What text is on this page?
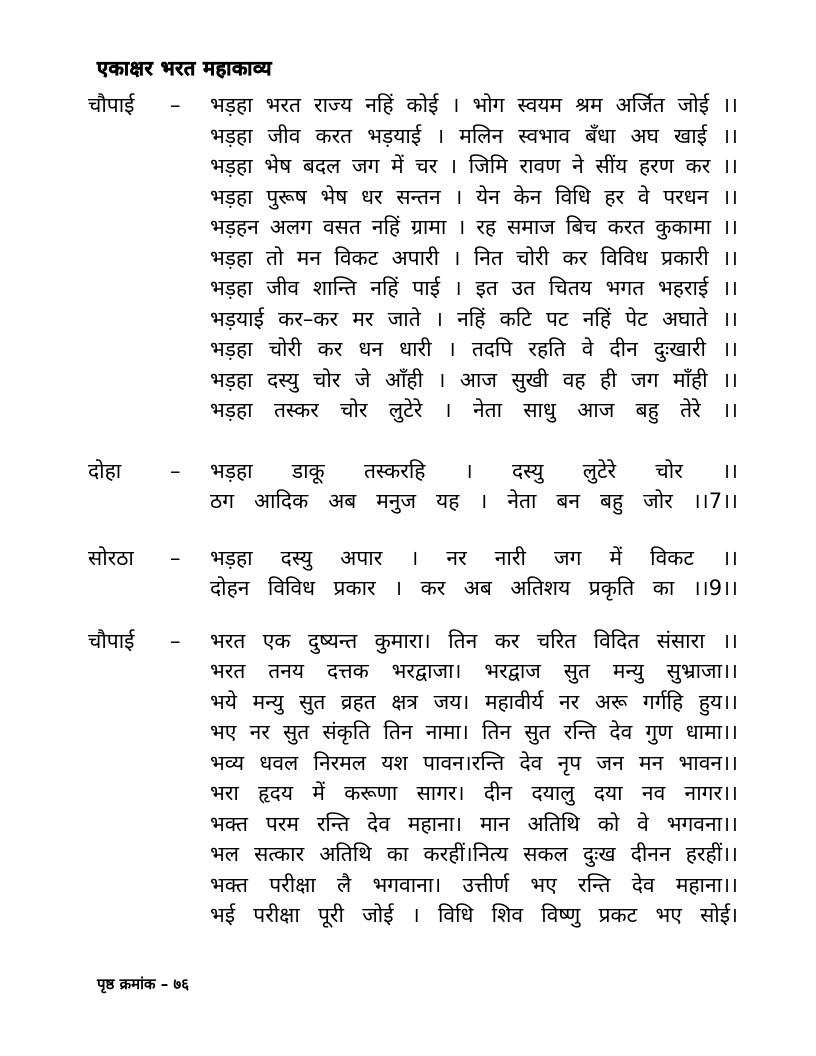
एकाक्षर भरत महाकाव्य
चौपाई	–	भड़हा भरत राज्य नहिं कोई । भोग स्वयम श्रम अर्जित जोई ।।
भड़हा जीव करत भड़याई । मलिन स्वभाव बँधा अघ खाई ।।
भड़हा भेष बदल जग में चर । जिमि रावण ने सींय हरण कर ।।
भड़हा पुरूष भेष धर सन्तन । येन केन विधि हर वे परधन ।।
भड़हन अलग वसत नहिं ग्रामा । रह समाज बिच करत कुकामा ।।
भड़हा तो मन विकट अपारी । नित चोरी कर विविध प्रकारी ।।
भड़हा जीव शान्ति नहिं पाई । इत उत चितय भगत भहराई ।।
भड़याई कर–कर मर जाते । नहिं कटि पट नहिं पेट अघाते ।।
भड़हा चोरी कर धन धारी । तदपि रहति वे दीन दुःखारी ।।
भड़हा दस्यु चोर जे आँही । आज सुखी वह ही जग माँही ।।
भड़हा तस्कर चोर लुटेरे । नेता साधु आज बहु तेरे ।।
दोहा	–	भड़हा डाकू तस्करहि । दस्यु लुटेरे चोर ।।
ठग आदिक अब मनुज यह । नेता बन बहु जोर ।।7।।
सोरठा	–	भड़हा दस्यु अपार । नर नारी जग में विकट ।।
दोहन विविध प्रकार । कर अब अतिशय प्रकृति का ।।9।।
चौपाई	–	भरत एक दुष्यन्त कुमारा। तिन कर चरित विदित संसारा ।।
भरत तनय दत्तक भरद्वाजा। भरद्वाज सुत मन्यु सुभ्राजा।।
भये मन्यु सुत व्रहत क्षत्र जय। महावीर्य नर अरू गर्गहि हुय।।
भए नर सुत संकृति तिन नामा। तिन सुत रन्ति देव गुण धामा।।
भव्य धवल निरमल यश पावन।रन्ति देव नृप जन मन भावन।।
भरा हृदय में करूणा सागर। दीन दयालु दया नव नागर।।
भक्त परम रन्ति देव महाना। मान अतिथि को वे भगवना।।
भल सत्कार अतिथि का करहीं।नित्य सकल दुःख दीनन हरहीं।।
भक्त परीक्षा लै भगवाना। उत्तीर्ण भए रन्ति देव महाना।।
भई परीक्षा पूरी जोई । विधि शिव विष्णु प्रकट भए सोई।
पृष्ठ क्रमांक – ७६
